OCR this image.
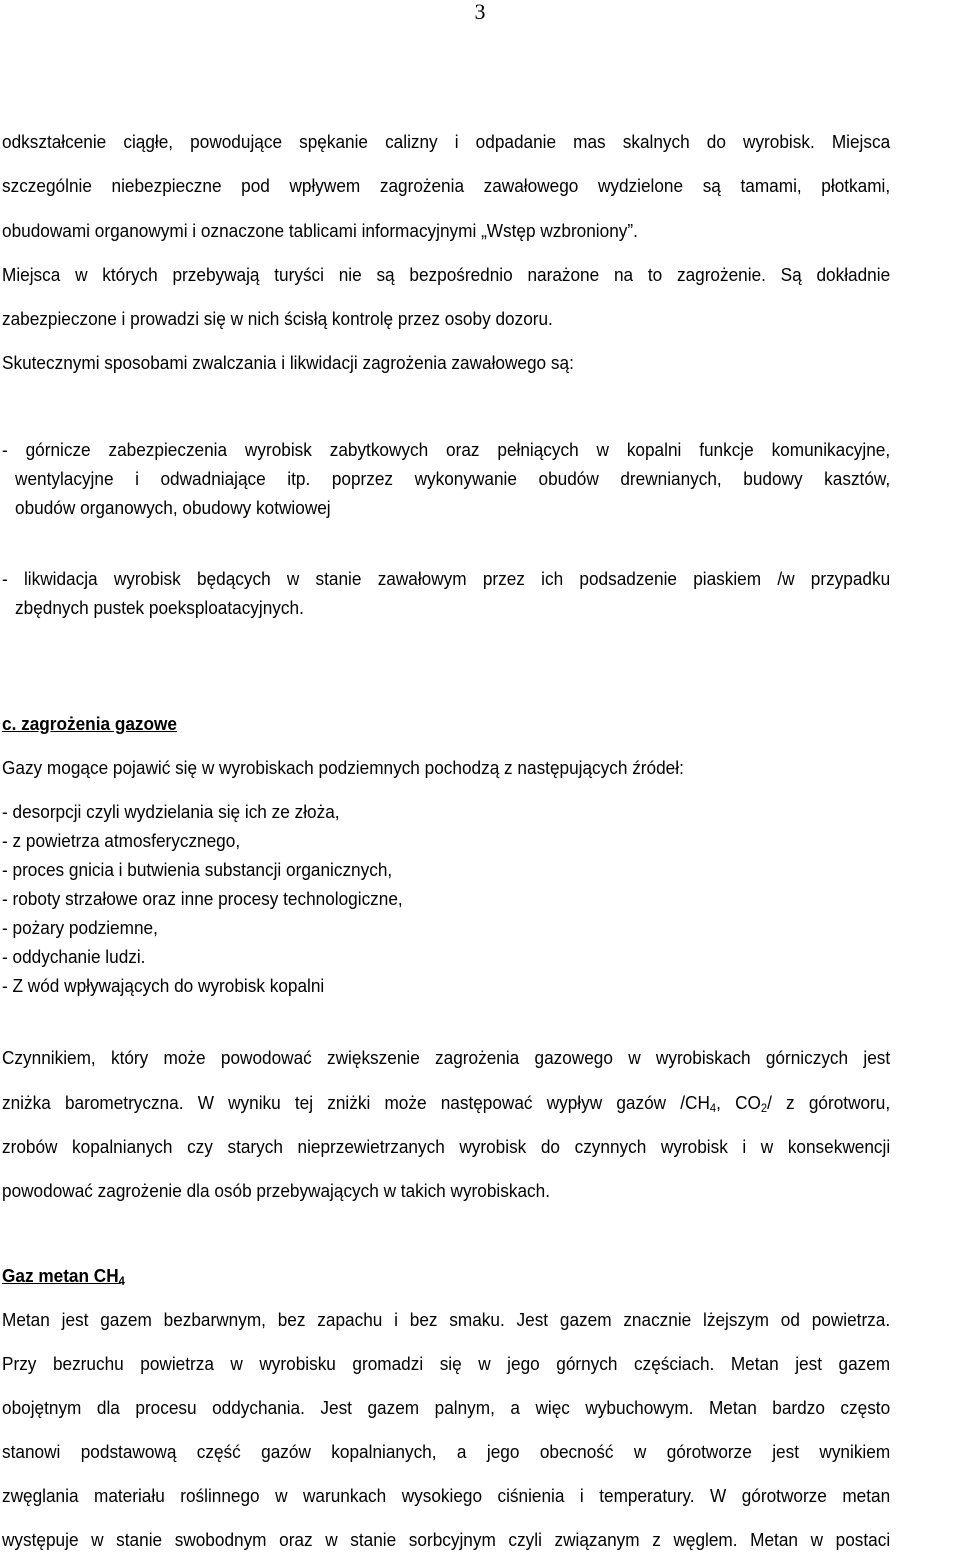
3
odkształcenie ciągłe, powodujące spękanie calizny i odpadanie mas skalnych do wyrobisk. Miejsca
szczególnie niebezpieczne pod wpływem zagrożenia zawałowego wydzielone są tamami, płotkami,
obudowami organowymi i oznaczone tablicami informacyjnymi „Wstęp wzbroniony”.
Miejsca w których przebywają turyści nie są bezpośrednio narażone na to zagrożenie. Są dokładnie
zabezpieczone i prowadzi się w nich ścisłą kontrolę przez osoby dozoru.
Skutecznymi sposobami zwalczania i likwidacji zagrożenia zawałowego są:
- górnicze zabezpieczenia wyrobisk zabytkowych oraz pełniących w kopalni funkcje komunikacyjne,
wentylacyjne i odwadniające itp. poprzez wykonywanie obudów drewnianych, budowy kasztów,
obudów organowych, obudowy kotwiowej
- likwidacja wyrobisk będących w stanie zawałowym przez ich podsadzenie piaskiem /w przypadku
zbędnych pustek poeksploatacyjnych.
c. zagrożenia gazowe
Gazy mogące pojawić się w wyrobiskach podziemnych pochodzą z następujących źródeł:
- desorpcji czyli wydzielania się ich ze złoża,
- z powietrza atmosferycznego,
- proces gnicia i butwienia substancji organicznych,
- roboty strzałowe oraz inne procesy technologiczne,
- pożary podziemne,
- oddychanie ludzi.
- Z wód wpływających do wyrobisk kopalni
Czynnikiem, który może powodować zwiększenie zagrożenia gazowego w wyrobiskach górniczych jest
zniżka barometryczna. W wyniku tej zniżki może następować wypływ gazów $/CH_4$, $CO_2/$ z górotworu,
zrobów kopalnianych czy starych nieprzewietrzanych wyrobisk do czynnych wyrobisk i w konsekwencji
powodować zagrożenie dla osób przebywających w takich wyrobiskach.
Gaz metan $CH_4$
Metan jest gazem bezbarwnym, bez zapachu i bez smaku. Jest gazem znacznie lżejszym od powietrza.
Przy bezruchu powietrza w wyrobisku gromadzi się w jego górnych częściach. Metan jest gazem
obojętnym dla procesu oddychania. Jest gazem palnym, a więc wybuchowym. Metan bardzo często
stanowi podstawową część gazów kopalnianych, a jego obecność w górotworze jest wynikiem
zwęglania materiału roślinnego w warunkach wysokiego ciśnienia i temperatury. W górotworze metan
występuje w stanie swobodnym oraz w stanie sorbcyjnym czyli związanym z węglem. Metan w postaci
